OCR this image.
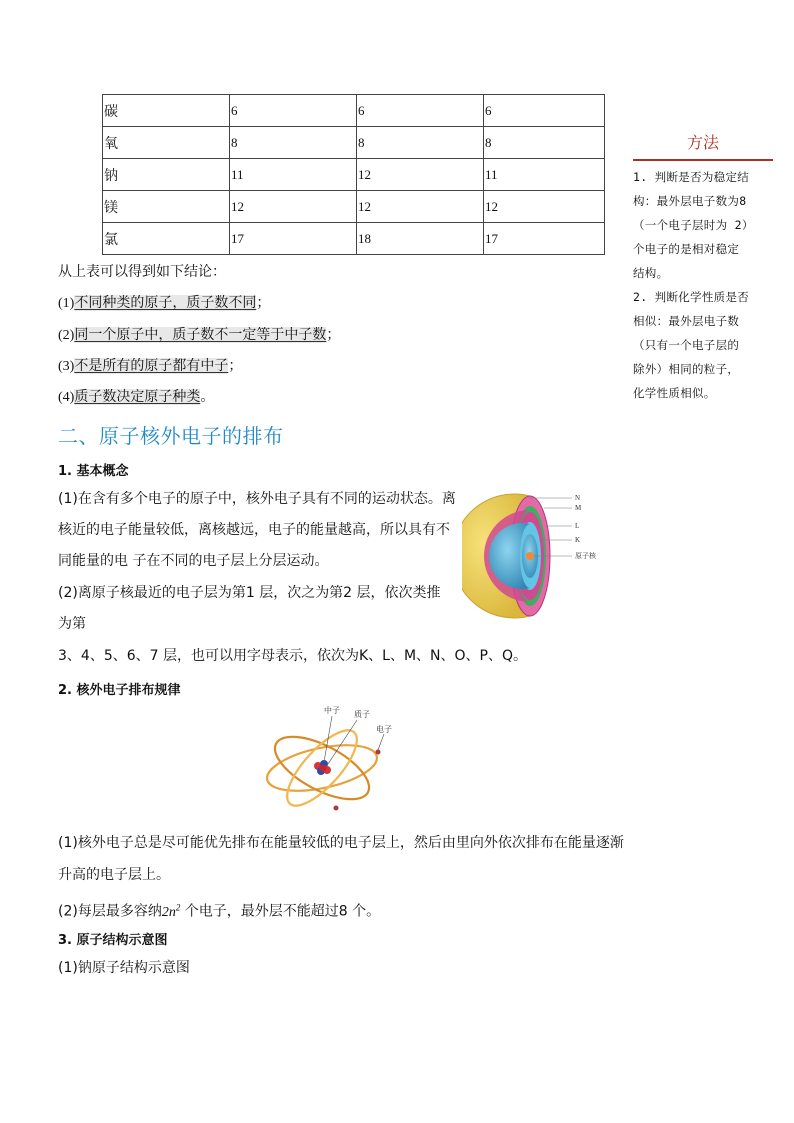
碳	6	6	6
氧	8	8	8
钠	11	12	11
镁	12	12	12
氯	17	18	17
从上表可以得到如下结论：
(1)不同种类的原子，质子数不同；
(2)同一个原子中，质子数不一定等于中子数；
(3)不是所有的原子都有中子；
(4)质子数决定原子种类。
二、原子核外电子的排布
1. 基本概念
(1)在含有多个电子的原子中，核外电子具有不同的运动状态。离
核近的电子能量较低，离核越远，电子的能量越高，所以具有不
同能量的电 子在不同的电子层上分层运动。
(2)离原子核最近的电子层为第1 层，次之为第2 层，依次类推
为第
3、4、5、6、7 层，也可以用字母表示，依次为K、L、M、N、O、P、Q。
N
M
L
K
原子核
2. 核外电子排布规律
中子 质子
电子
(1)核外电子总是尽可能优先排布在能量较低的电子层上，然后由里向外依次排布在能量逐渐
升高的电子层上。
(2)每层最多容纳$2n^2$ 个电子，最外层不能超过8 个。
3. 原子结构示意图
(1)钠原子结构示意图
方法
1. 判断是否为稳定结
构：最外层电子数为8
（一个电子层时为 2）
个电子的是相对稳定
结构。
2. 判断化学性质是否
相似：最外层电子数
（只有一个电子层的
除外）相同的粒子，
化学性质相似。
